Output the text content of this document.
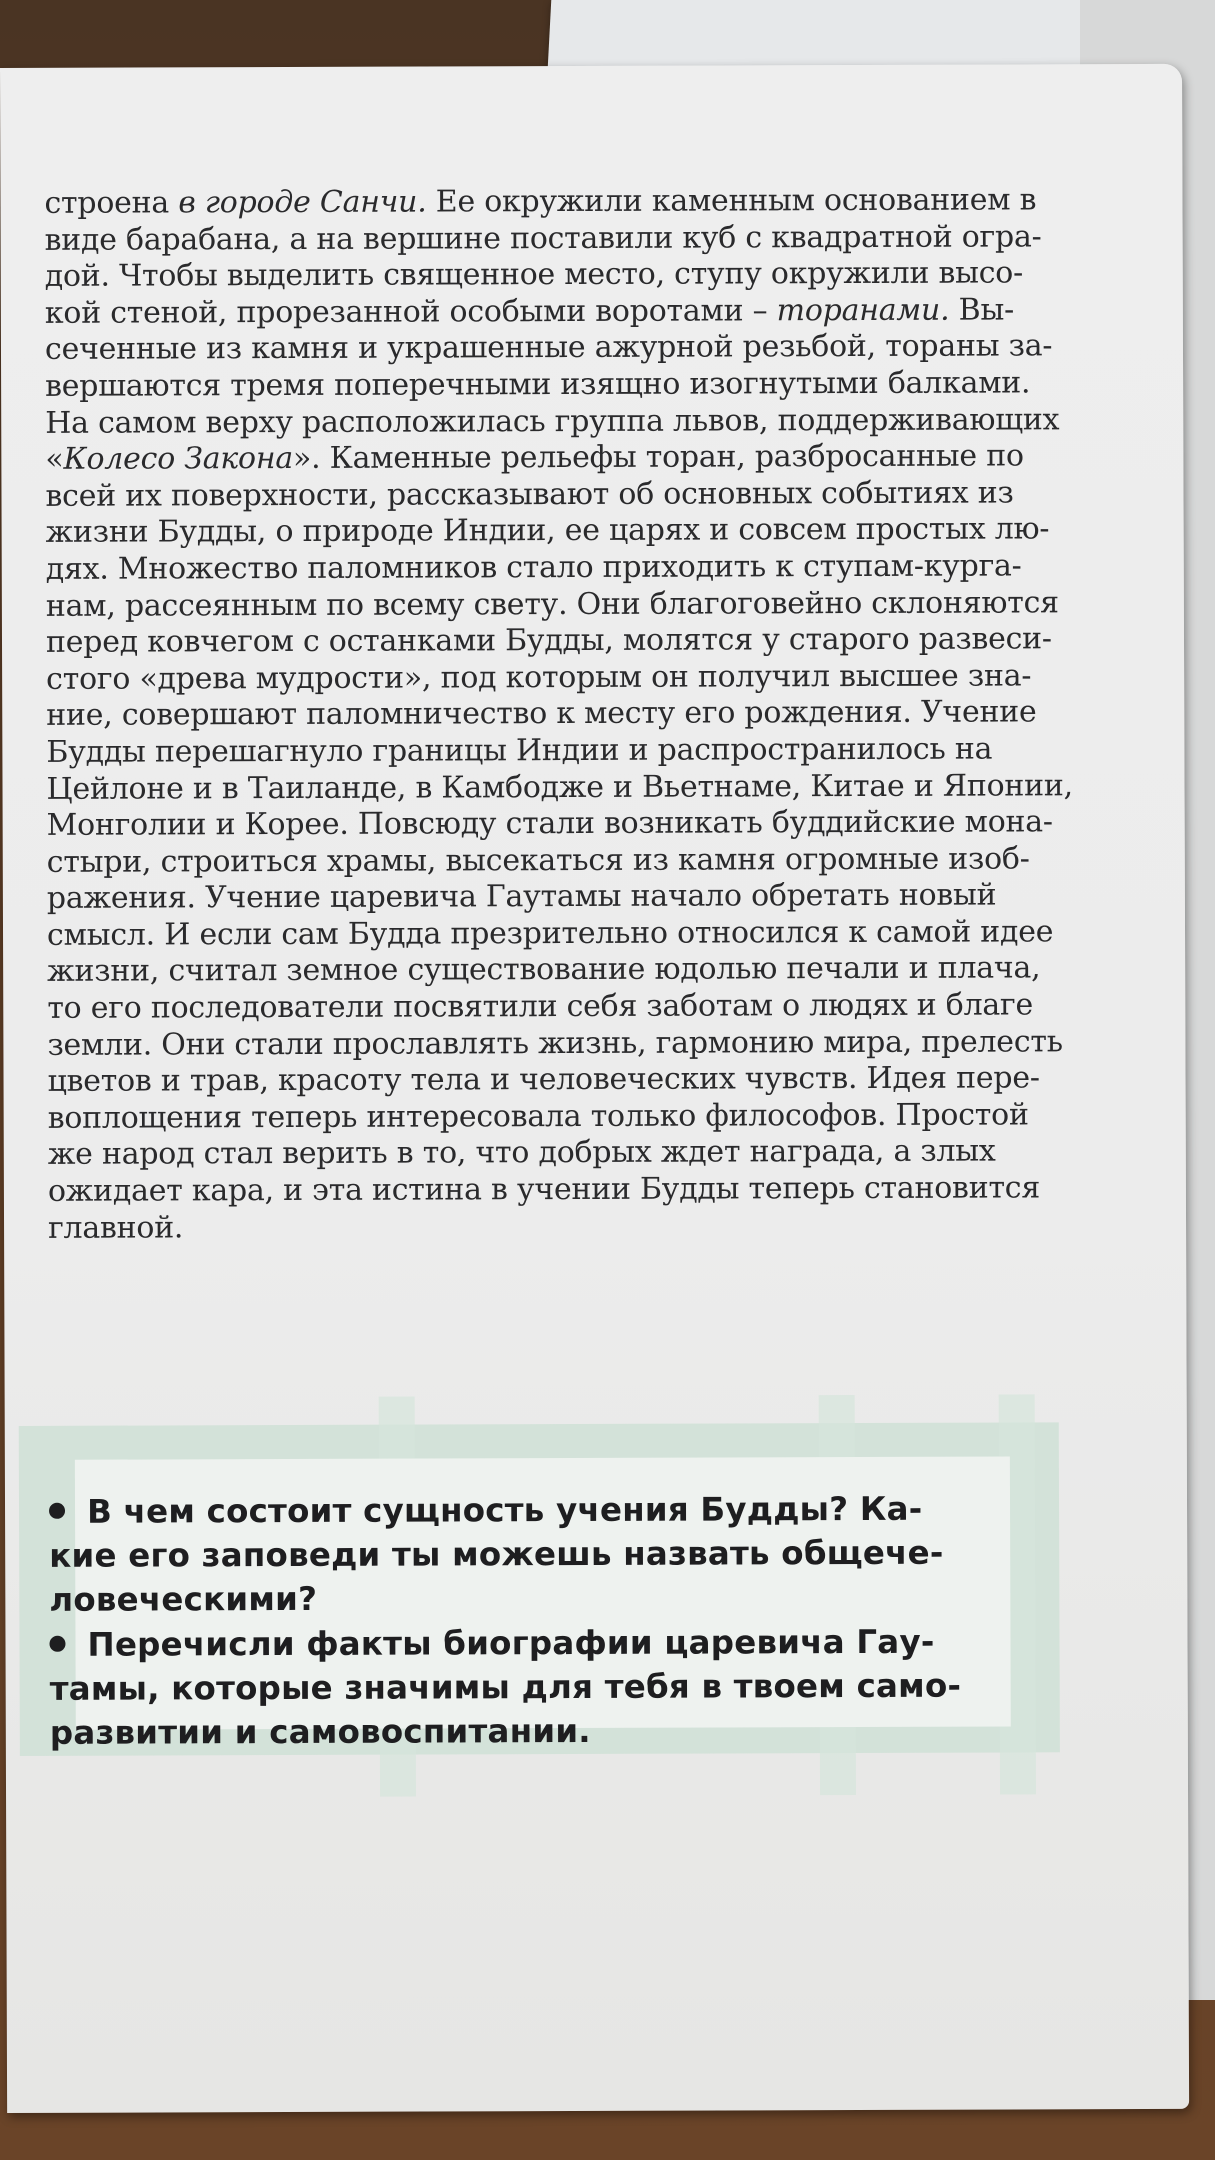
строена в городе Санчи. Ее окружили каменным основанием в
виде барабана, а на вершине поставили куб с квадратной огра-
дой. Чтобы выделить священное место, ступу окружили высо-
кой стеной, прорезанной особыми воротами – торанами. Вы-
сеченные из камня и украшенные ажурной резьбой, тораны за-
вершаются тремя поперечными изящно изогнутыми балками.
На самом верху расположилась группа львов, поддерживающих
«Колесо Закона». Каменные рельефы торан, разбросанные по
всей их поверхности, рассказывают об основных событиях из
жизни Будды, о природе Индии, ее царях и совсем простых лю-
дях. Множество паломников стало приходить к ступам-курга-
нам, рассеянным по всему свету. Они благоговейно склоняются
перед ковчегом с останками Будды, молятся у старого развеси-
стого «древа мудрости», под которым он получил высшее зна-
ние, совершают паломничество к месту его рождения. Учение
Будды перешагнуло границы Индии и распространилось на
Цейлоне и в Таиланде, в Камбодже и Вьетнаме, Китае и Японии,
Монголии и Корее. Повсюду стали возникать буддийские мона-
стыри, строиться храмы, высекаться из камня огромные изоб-
ражения. Учение царевича Гаутамы начало обретать новый
смысл. И если сам Будда презрительно относился к самой идее
жизни, считал земное существование юдолью печали и плача,
то его последователи посвятили себя заботам о людях и благе
земли. Они стали прославлять жизнь, гармонию мира, прелесть
цветов и трав, красоту тела и человеческих чувств. Идея пере-
воплощения теперь интересовала только философов. Простой
же народ стал верить в то, что добрых ждет награда, а злых
ожидает кара, и эта истина в учении Будды теперь становится
главной.

В чем состоит сущность учения Будды? Ка-
кие его заповеди ты можешь назвать общече-
ловеческими?

Перечисли факты биографии царевича Гау-
тамы, которые значимы для тебя в твоем само-
развитии и самовоспитании.
